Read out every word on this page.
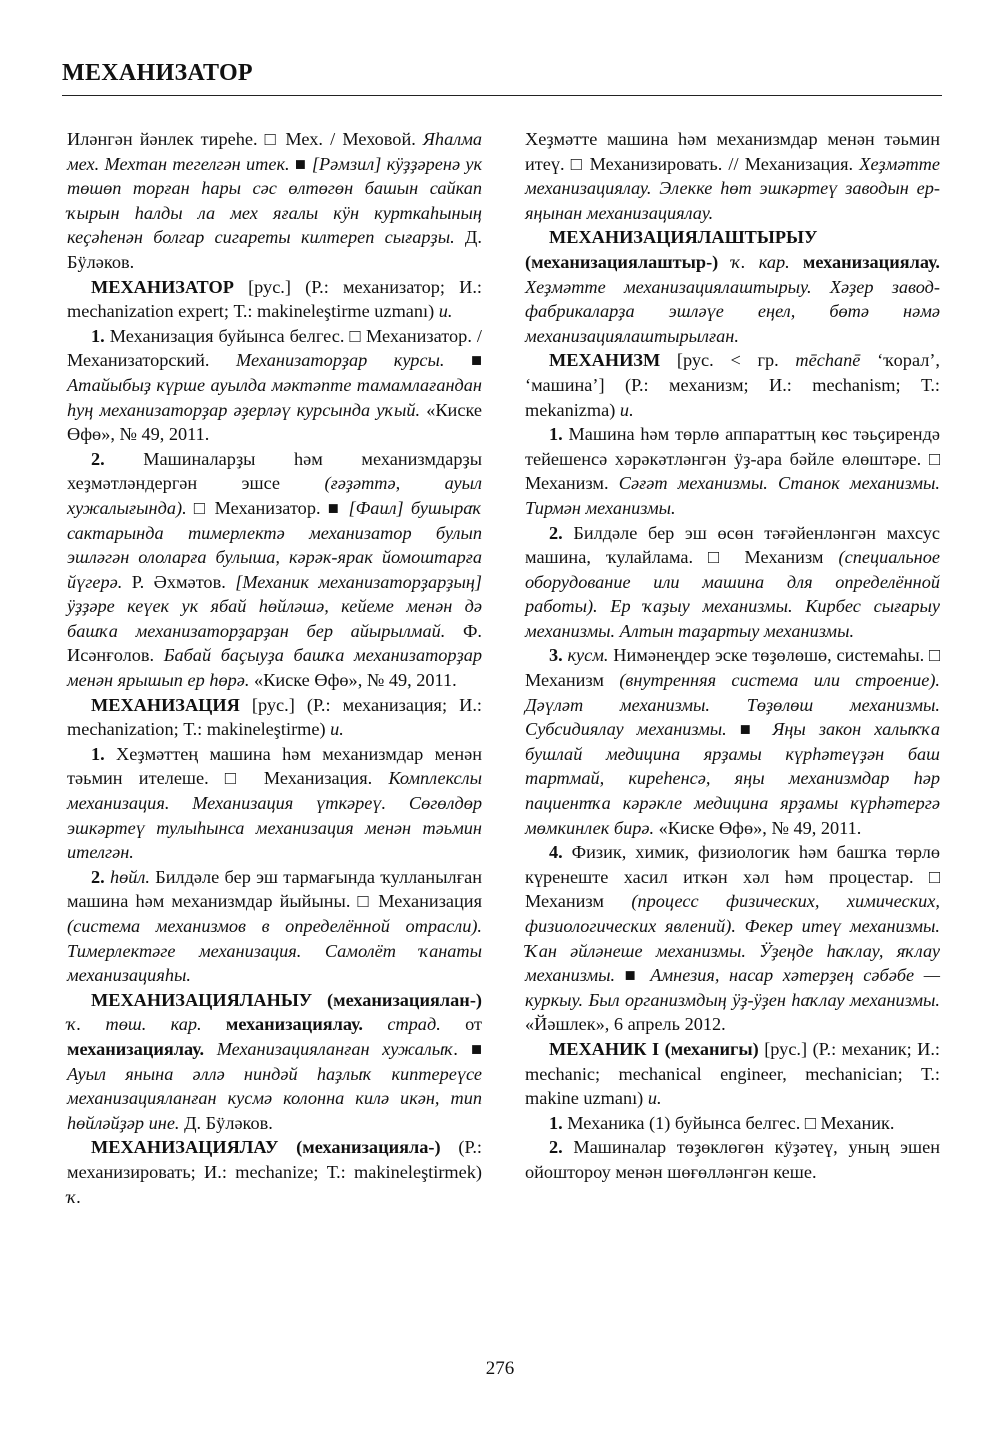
МЕХАНИЗАТОР

Иләнгән йәнлек тиреһе. □ Мех. / Меховой. Яһалма мех. Мехтан тегелгән итек. ■ [Рәмзил] кӱҙҙәренә ук төшөп торған һары сәс өлтөгөн башын сайкап ҡырын һалды ла мех яғалы кӱн курткаһының кеҫәһенән болгар сигареты килтереп сығарҙы. Д. Бӱләков.

МЕХАНИЗАТОР [рус.] (Р.: механизатор; И.: mechanization expert; Т.: makineleştirme uzmanı) и.

1. Механизация буйынса белгес. □ Механизатор. / Механизаторский. Механизаторҙар курсы. ■ Атайыбыҙ күрше ауылда мәктәпте тамамлағандан һуң механизаторҙар әҙерләү курсында уҡый. «Киске Өфө», № 49, 2011.

2. Машиналарҙы һәм механизмдарҙы хеҙмәтләндергән эшсе (ғәҙәттә, ауыл хужалығында). □ Механизатор. ■ [Фаил] бушыраҡ сактарында тимерлектә механизатор булып эшләгән ололарға булыша, кәрәк-ярак йомоштарға йүгерә. Р. Әхмәтов. [Механик механизаторҙарҙың] ӱҙҙәре кеүек ук ябай һөйләшә, кейеме менән дә башҡа механизаторҙарҙан бер айырылмай. Ф. Исәнғолов. Бабай баҫыуҙа башҡа механизаторҙар менән ярышып ер һөрә. «Киске Өфө», № 49, 2011.

МЕХАНИЗАЦИЯ [рус.] (Р.: механизация; И.: mechanization; Т.: makineleştirme) и.

1. Хеҙмәттең машина һәм механизмдар менән тәьмин ителеше. □ Механизация. Комплекслы механизация. Механизация үткәреү. Сөгөлдөр эшкәртеү тулыһынса механизация менән тәьмин ителгән.

2. һөйл. Билдәле бер эш тармағында ҡулланылған машина һәм механизмдар йыйыны. □ Механизация (система механизмов в определённой отрасли). Тимерлектәге механизация. Самолёт ҡанаты механизацияһы.

МЕХАНИЗАЦИЯЛАНЫУ (механизациялан-) ҡ. төш. кар. механизациялау. страд. от механизациялау. Механизацияланған хужалыҡ. ■ Ауыл янына әллә ниндәй һаҙлыҡ киптереүсе механизацияланған кусмә колонна килә икән, тип һөйләйҙәр ине. Д. Бӱләков.

МЕХАНИЗАЦИЯЛАУ (механизациялa-) (Р.: механизировать; И.: mechanize; Т.: makineleştirmek) ҡ.

Хеҙмәтте машина һәм механизмдар менән тәьмин итеү. □ Механизировать. // Механизация. Хеҙмәтте механизациялау. Элекке һөт эшкәртеү заводын ер-яңынан механизациялау.

МЕХАНИЗАЦИЯЛАШТЫРЫУ (механизациялаштыр-) ҡ. кар. механизациялау. Хеҙмәтте механизациялаштырыу. Хәҙер завод-фабрикаларҙа эшләүе еңел, бөтә нәмә механизациялаштырылған.

МЕХАНИЗМ [рус. < гр. mēchanē ‘ҡорал’, ‘машина’] (Р.: механизм; И.: mechanism; Т.: mekanizma) и.

1. Машина һәм төрлө аппараттың көс тәьҫирендә тейешенсә хәрәкәтләнгән ӱҙ-ара бәйле өлөштәре. □ Механизм. Сәғәт механизмы. Станок механизмы. Тирмән механизмы.

2. Билдәле бер эш өсөн тәғәйенләнгән махсус машина, ҡулайлама. □ Механизм (специальное оборудование или машина для определённой работы). Ер ҡаҙыу механизмы. Кирбес сығарыу механизмы. Алтын таҙартыу механизмы.

3. кусм. Нимәнеңдер эске төҙөлөшө, системаһы. □ Механизм (внутренняя система или строение). Дәүләт механизмы. Төҙөлөш механизмы. Субсидиялау механизмы. ■ Яңы закон халыҡҡа бушлай медицина ярҙамы күрһәтеүҙән баш тартмай, киреһенсә, яңы механизмдар һәр пациентҡа кәрәкле медицина ярҙамы күрһәтергә мөмкинлек бирә. «Киске Өфө», № 49, 2011.

4. Физик, химик, физиологик һәм башҡа төрлө күренеште хасил иткән хәл һәм процестар. □ Механизм (процесс физических, химических, физиологических явлений). Фекер итеү механизмы. Ҡан әйләнеше механизмы. Ӱҙеңде һаҡлау, яҡлау механизмы. ■ Амнезия, насар хәтерҙең сәбәбе — куркыу. Был организмдың ӱҙ-ӱҙен һаҡлау механизмы. «Йәшлек», 6 апрель 2012.

МЕХАНИК I (механигы) [рус.] (Р.: механик; И.: mechanic; mechanical engineer, mechanician; Т.: makine uzmanı) и.

1. Механика (1) буйынса белгес. □ Механик.

2. Машиналар төҙөклөгөн кӱҙәтеү, уның эшен ойоштороу менән шөғөлләнгән кеше.

276
